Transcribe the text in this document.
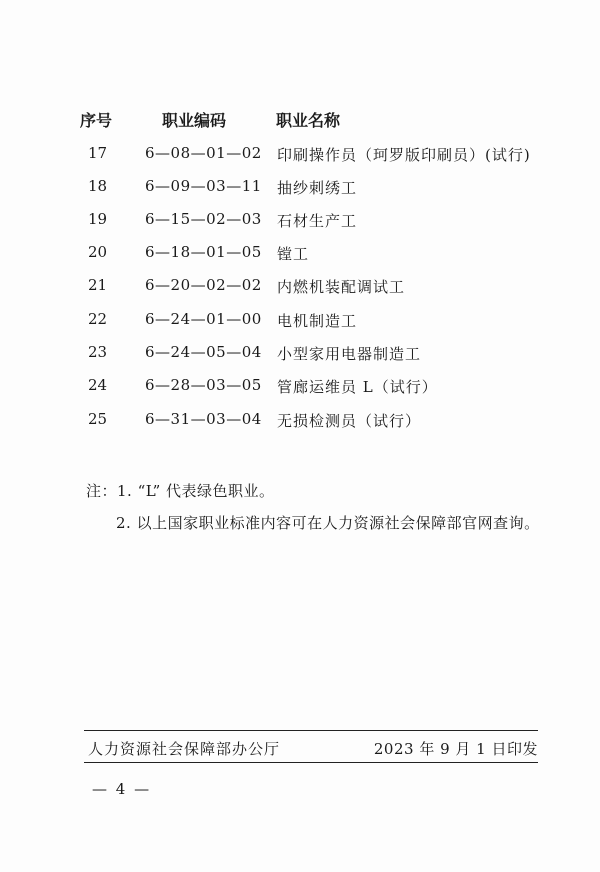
序号	职业编码	职业名称
17	6—08—01—02 印刷操作员（珂罗版印刷员）(试行)
18	6—09—03—11 抽纱刺绣工
19	6—15—02—03 石材生产工
20	6—18—01—05 镗工
21	6—20—02—02 内燃机装配调试工
22	6—24—01—00 电机制造工
23	6—24—05—04 小型家用电器制造工
24	6—28—03—05 管廊运维员 L（试行）
25	6—31—03—04 无损检测员（试行）
注：1. “L” 代表绿色职业。
2. 以上国家职业标准内容可在人力资源社会保障部官网查询。
人力资源社会保障部办公厅	2023 年 9 月 1 日印发
— 4 —
